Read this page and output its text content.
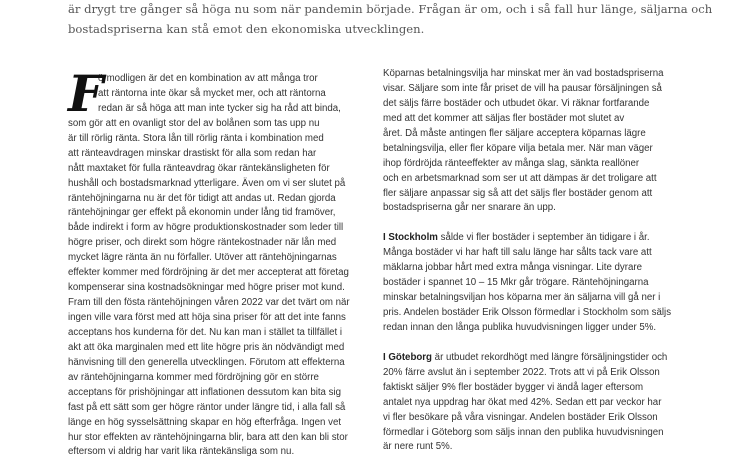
är drygt tre gånger så höga nu som när pandemin började. Frågan är om, och i så fall hur länge, säljarna och
bostadspriserna kan stå emot den ekonomiska utvecklingen.
F
örmodligen är det en kombination av att många tror
att räntorna inte ökar så mycket mer, och att räntorna
redan är så höga att man inte tycker sig ha råd att binda,
som gör att en ovanligt stor del av bolånen som tas upp nu
är till rörlig ränta. Stora lån till rörlig ränta i kombination med
att ränteavdragen minskar drastiskt för alla som redan har
nått maxtaket för fulla ränteavdrag ökar räntekänsligheten för
hushåll och bostadsmarknad ytterligare. Även om vi ser slutet på
räntehöjningarna nu är det för tidigt att andas ut. Redan gjorda
räntehöjningar ger effekt på ekonomin under lång tid framöver,
både indirekt i form av högre produktionskostnader som leder till
högre priser, och direkt som högre räntekostnader när lån med
mycket lägre ränta än nu förfaller. Utöver att räntehöjningarnas
effekter kommer med fördröjning är det mer accepterat att företag
kompenserar sina kostnadsökningar med högre priser mot kund.
Fram till den fösta räntehöjningen våren 2022 var det tvärt om när
ingen ville vara först med att höja sina priser för att det inte fanns
acceptans hos kunderna för det. Nu kan man i stället ta tillfället i
akt att öka marginalen med ett lite högre pris än nödvändigt med
hänvisning till den generella utvecklingen. Förutom att effekterna
av räntehöjningarna kommer med fördröjning gör en större
acceptans för prishöjningar att inflationen dessutom kan bita sig
fast på ett sätt som ger högre räntor under längre tid, i alla fall så
länge en hög sysselsättning skapar en hög efterfråga. Ingen vet
hur stor effekten av räntehöjningarna blir, bara att den kan bli stor
eftersom vi aldrig har varit lika räntekänsliga som nu.
Köparnas betalningsvilja har minskat mer än vad bostadspriserna
visar. Säljare som inte får priset de vill ha pausar försäljningen så
det säljs färre bostäder och utbudet ökar. Vi räknar fortfarande
med att det kommer att säljas fler bostäder mot slutet av
året. Då måste antingen fler säljare acceptera köparnas lägre
betalningsvilja, eller fler köpare vilja betala mer. När man väger
ihop fördröjda ränteeffekter av många slag, sänkta reallöner
och en arbetsmarknad som ser ut att dämpas är det troligare att
fler säljare anpassar sig så att det säljs fler bostäder genom att
bostadspriserna går ner snarare än upp.
I Stockholm sålde vi fler bostäder i september än tidigare i år.
Många bostäder vi har haft till salu länge har sålts tack vare att
mäklarna jobbar hårt med extra många visningar. Lite dyrare
bostäder i spannet 10 – 15 Mkr går trögare. Räntehöjningarna
minskar betalningsviljan hos köparna mer än säljarna vill gå ner i
pris. Andelen bostäder Erik Olsson förmedlar i Stockholm som säljs
redan innan den långa publika huvudvisningen ligger under 5%.
I Göteborg är utbudet rekordhögt med längre försäljningstider och
20% färre avslut än i september 2022. Trots att vi på Erik Olsson
faktiskt säljer 9% fler bostäder bygger vi ändå lager eftersom
antalet nya uppdrag har ökat med 42%. Sedan ett par veckor har
vi fler besökare på våra visningar. Andelen bostäder Erik Olsson
förmedlar i Göteborg som säljs innan den publika huvudvisningen
är nere runt 5%.
